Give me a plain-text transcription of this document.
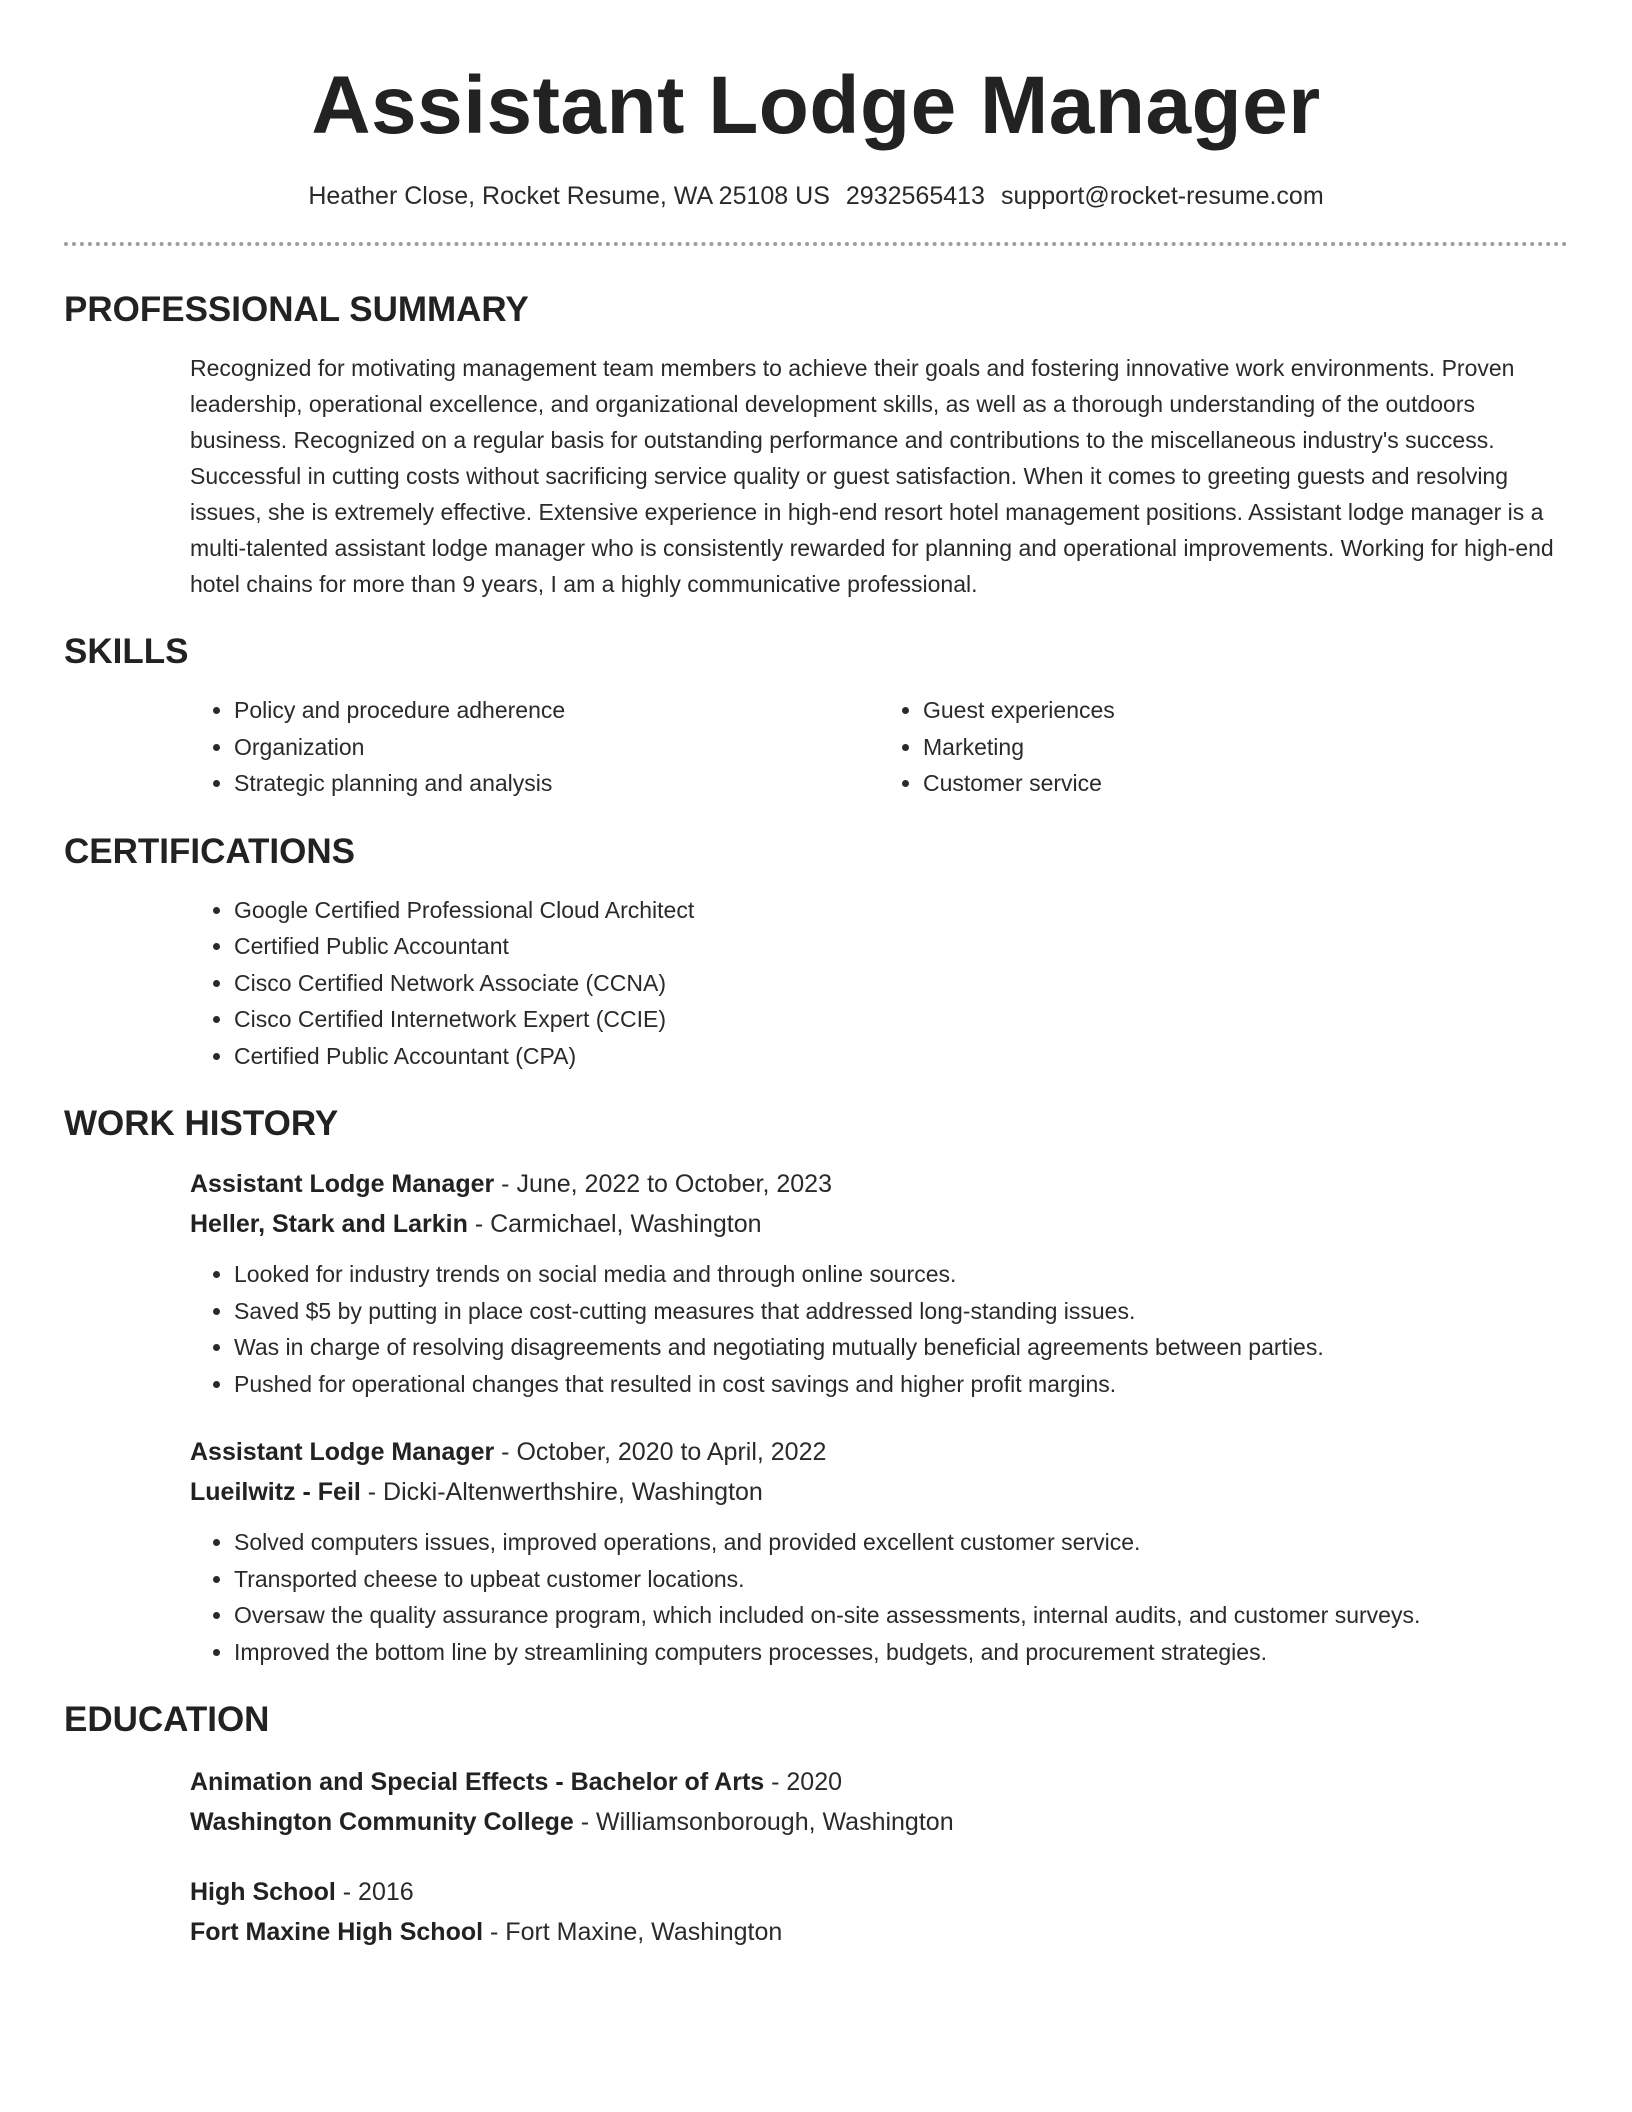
Assistant Lodge Manager
Heather Close, Rocket Resume, WA 25108 US 2932565413 support@rocket-resume.com
PROFESSIONAL SUMMARY

Recognized for motivating management team members to achieve their goals and fostering innovative work environments. Proven leadership, operational excellence, and organizational development skills, as well as a thorough understanding of the outdoors business. Recognized on a regular basis for outstanding performance and contributions to the miscellaneous industry's success. Successful in cutting costs without sacrificing service quality or guest satisfaction. When it comes to greeting guests and resolving issues, she is extremely effective. Extensive experience in high-end resort hotel management positions. Assistant lodge manager is a multi-talented assistant lodge manager who is consistently rewarded for planning and operational improvements. Working for high-end hotel chains for more than 9 years, I am a highly communicative professional.

SKILLS
• Policy and procedure adherence
• Organization
• Strategic planning and analysis
• Guest experiences
• Marketing
• Customer service
CERTIFICATIONS
• Google Certified Professional Cloud Architect
• Certified Public Accountant
• Cisco Certified Network Associate (CCNA)
• Cisco Certified Internetwork Expert (CCIE)
• Certified Public Accountant (CPA)
WORK HISTORY
Assistant Lodge Manager - June, 2022 to October, 2023
Heller, Stark and Larkin - Carmichael, Washington
• Looked for industry trends on social media and through online sources.
• Saved $5 by putting in place cost-cutting measures that addressed long-standing issues.
• Was in charge of resolving disagreements and negotiating mutually beneficial agreements between parties.
• Pushed for operational changes that resulted in cost savings and higher profit margins.
Assistant Lodge Manager - October, 2020 to April, 2022
Lueilwitz - Feil - Dicki-Altenwerthshire, Washington
• Solved computers issues, improved operations, and provided excellent customer service.
• Transported cheese to upbeat customer locations.
• Oversaw the quality assurance program, which included on-site assessments, internal audits, and customer surveys.
• Improved the bottom line by streamlining computers processes, budgets, and procurement strategies.
EDUCATION
Animation and Special Effects - Bachelor of Arts - 2020
Washington Community College - Williamsonborough, Washington
High School - 2016
Fort Maxine High School - Fort Maxine, Washington
